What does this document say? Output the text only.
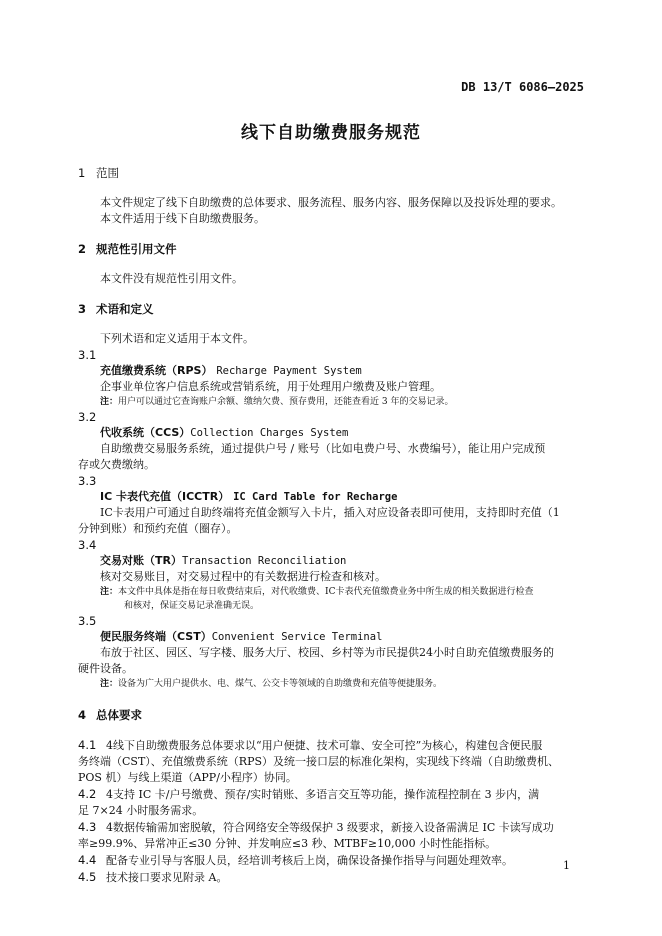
DB 13/T 6086—2025
线下自助缴费服务规范
1 范围

本文件规定了线下自助缴费的总体要求、服务流程、服务内容、服务保障以及投诉处理的要求。

本文件适用于线下自助缴费服务。

2 规范性引用文件

本文件没有规范性引用文件。

3 术语和定义

下列术语和定义适用于本文件。

3.1

充值缴费系统（RPS） Recharge Payment System

企事业单位客户信息系统或营销系统，用于处理用户缴费及账户管理。

注：用户可以通过它查询账户余额、缴纳欠费、预存费用，还能查看近 3 年的交易记录。

3.2

代收系统（CCS）Collection Charges System

自助缴费交易服务系统，通过提供户号 / 账号（比如电费户号、水费编号），能让用户完成预

存或欠费缴纳。

3.3

IC 卡表代充值（ICCTR） IC Card Table for Recharge

IC卡表用户可通过自助终端将充值金额写入卡片，插入对应设备表即可使用，支持即时充值（1

分钟到账）和预约充值（圈存）。

3.4

交易对账（TR）Transaction Reconciliation

核对交易账目，对交易过程中的有关数据进行检查和核对。

注：本文件中具体是指在每日收费结束后，对代收缴费、IC卡表代充值缴费业务中所生成的相关数据进行检查
和核对，保证交易记录准确无误。

3.5

便民服务终端（CST）Convenient Service Terminal

布放于社区、园区、写字楼、服务大厅、校园、乡村等为市民提供24小时自助充值缴费服务的

硬件设备。

注：设备为广大用户提供水、电、煤气、公交卡等领域的自助缴费和充值等便捷服务。

4 总体要求

4.1 4线下自助缴费服务总体要求以“用户便捷、技术可靠、安全可控”为核心，构建包含便民服

务终端（CST）、充值缴费系统（RPS）及统一接口层的标准化架构，实现线下终端（自助缴费机、

POS 机）与线上渠道（APP/小程序）协同。

4.2 4支持 IC 卡/户号缴费、预存/实时销账、多语言交互等功能，操作流程控制在 3 步内，满

足 7×24 小时服务需求。

4.3 4数据传输需加密脱敏，符合网络安全等级保护 3 级要求，新接入设备需满足 IC 卡读写成功

率≥99.9%、异常冲正≤30 分钟、并发响应≤3 秒、MTBF≥10,000 小时性能指标。

4.4 配备专业引导与客服人员，经培训考核后上岗，确保设备操作指导与问题处理效率。

4.5 技术接口要求见附录 A。

1
